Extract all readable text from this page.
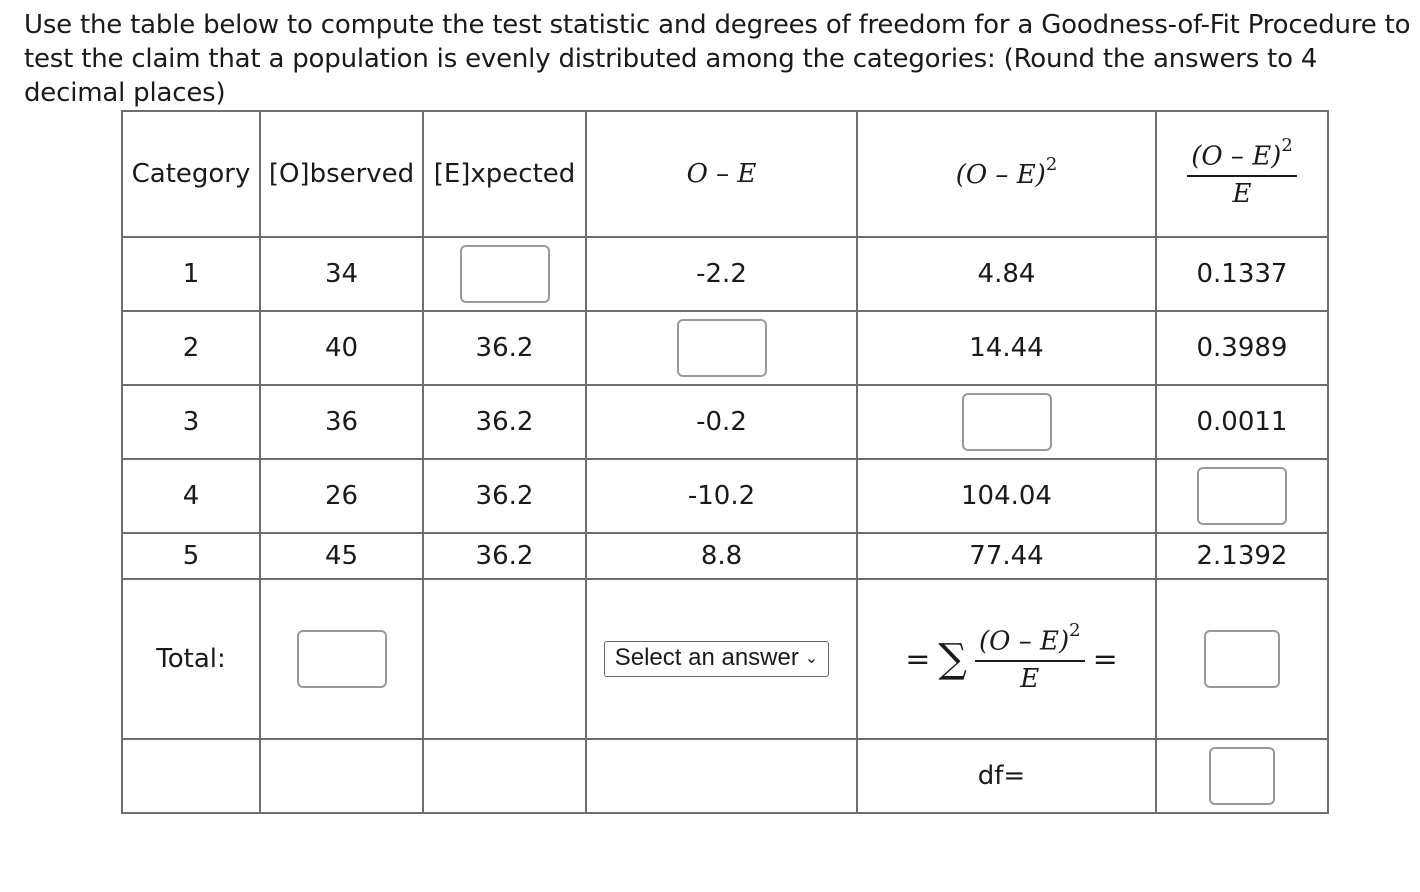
Use the table below to compute the test statistic and degrees of freedom for a Goodness-of-Fit Procedure to test the claim that a population is evenly distributed among the categories: (Round the answers to 4 decimal places)
Category	[O]bserved	[E]xpected	O – E	(O – E)$^2$	$\frac{(O - E)^2}{E}$

1	34		-2.2	4.84	0.1337
2	40	36.2		14.44	0.3989
3	36	36.2	-0.2		0.0011
4	26	36.2	-10.2	104.04	
5	45	36.2	8.8	77.44	2.1392
Total:			Select an answer ⌄	= ∑ $\frac{(O - E)^2}{E}$ =	

				df=	
